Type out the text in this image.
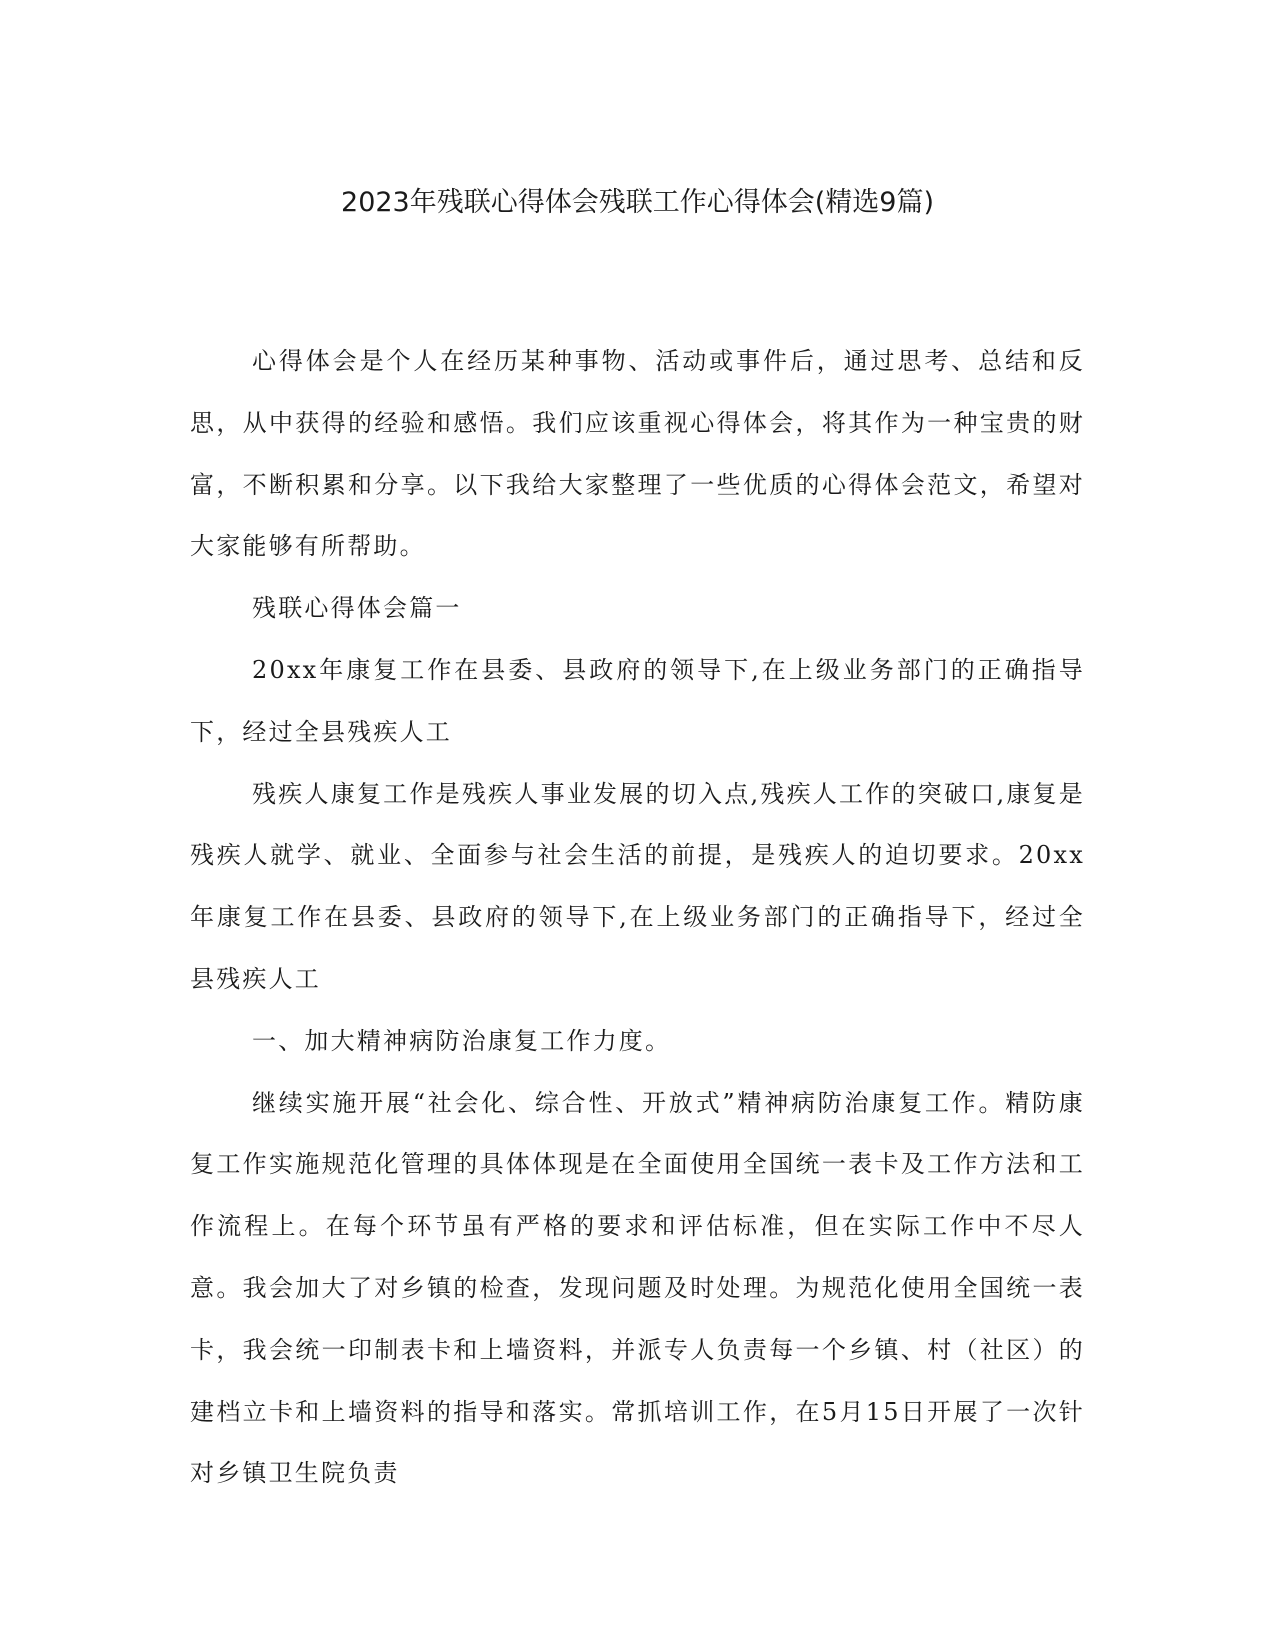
2023年残联心得体会残联工作心得体会(精选9篇)

心得体会是个人在经历某种事物、活动或事件后，通过思考、总结和反思，从中获得的经验和感悟。我们应该重视心得体会，将其作为一种宝贵的财富，不断积累和分享。以下我给大家整理了一些优质的心得体会范文，希望对大家能够有所帮助。

残联心得体会篇一

20xx年康复工作在县委、县政府的领导下,在上级业务部门的正确指导下，经过全县残疾人工

残疾人康复工作是残疾人事业发展的切入点,残疾人工作的突破口,康复是残疾人就学、就业、全面参与社会生活的前提，是残疾人的迫切要求。20xx年康复工作在县委、县政府的领导下,在上级业务部门的正确指导下，经过全县残疾人工

一、加大精神病防治康复工作力度。

继续实施开展“社会化、综合性、开放式”精神病防治康复工作。精防康复工作实施规范化管理的具体体现是在全面使用全国统一表卡及工作方法和工作流程上。在每个环节虽有严格的要求和评估标准，但在实际工作中不尽人意。我会加大了对乡镇的检查，发现问题及时处理。为规范化使用全国统一表卡，我会统一印制表卡和上墙资料，并派专人负责每一个乡镇、村（社区）的建档立卡和上墙资料的指导和落实。常抓培训工作，在5月15日开展了一次针对乡镇卫生院负责
